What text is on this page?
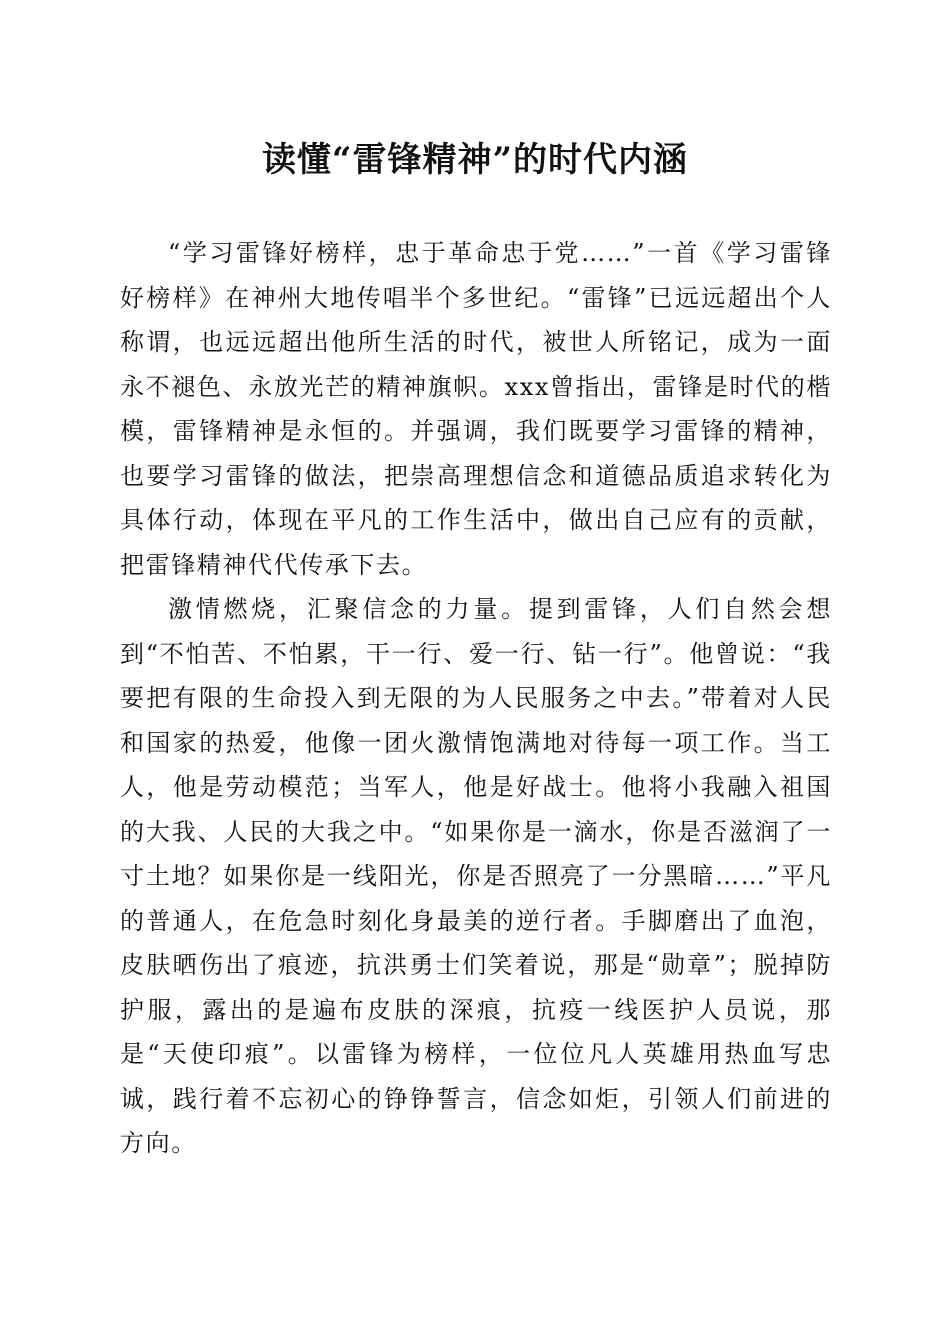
读懂“雷锋精神”的时代内涵

“学习雷锋好榜样，忠于革命忠于党……”一首《学习雷锋好榜样》在神州大地传唱半个多世纪。“雷锋”已远远超出个人称谓，也远远超出他所生活的时代，被世人所铭记，成为一面永不褪色、永放光芒的精神旗帜。xxx曾指出，雷锋是时代的楷模，雷锋精神是永恒的。并强调，我们既要学习雷锋的精神，也要学习雷锋的做法，把崇高理想信念和道德品质追求转化为具体行动，体现在平凡的工作生活中，做出自己应有的贡献，把雷锋精神代代传承下去。

激情燃烧，汇聚信念的力量。提到雷锋，人们自然会想到“不怕苦、不怕累，干一行、爱一行、钻一行”。他曾说：“我要把有限的生命投入到无限的为人民服务之中去。”带着对人民和国家的热爱，他像一团火激情饱满地对待每一项工作。当工人，他是劳动模范；当军人，他是好战士。他将小我融入祖国的大我、人民的大我之中。“如果你是一滴水，你是否滋润了一寸土地？如果你是一线阳光，你是否照亮了一分黑暗……”平凡的普通人，在危急时刻化身最美的逆行者。手脚磨出了血泡，皮肤晒伤出了痕迹，抗洪勇士们笑着说，那是“勋章”；脱掉防护服，露出的是遍布皮肤的深痕，抗疫一线医护人员说，那是“天使印痕”。以雷锋为榜样，一位位凡人英雄用热血写忠诚，践行着不忘初心的铮铮誓言，信念如炬，引领人们前进的方向。
